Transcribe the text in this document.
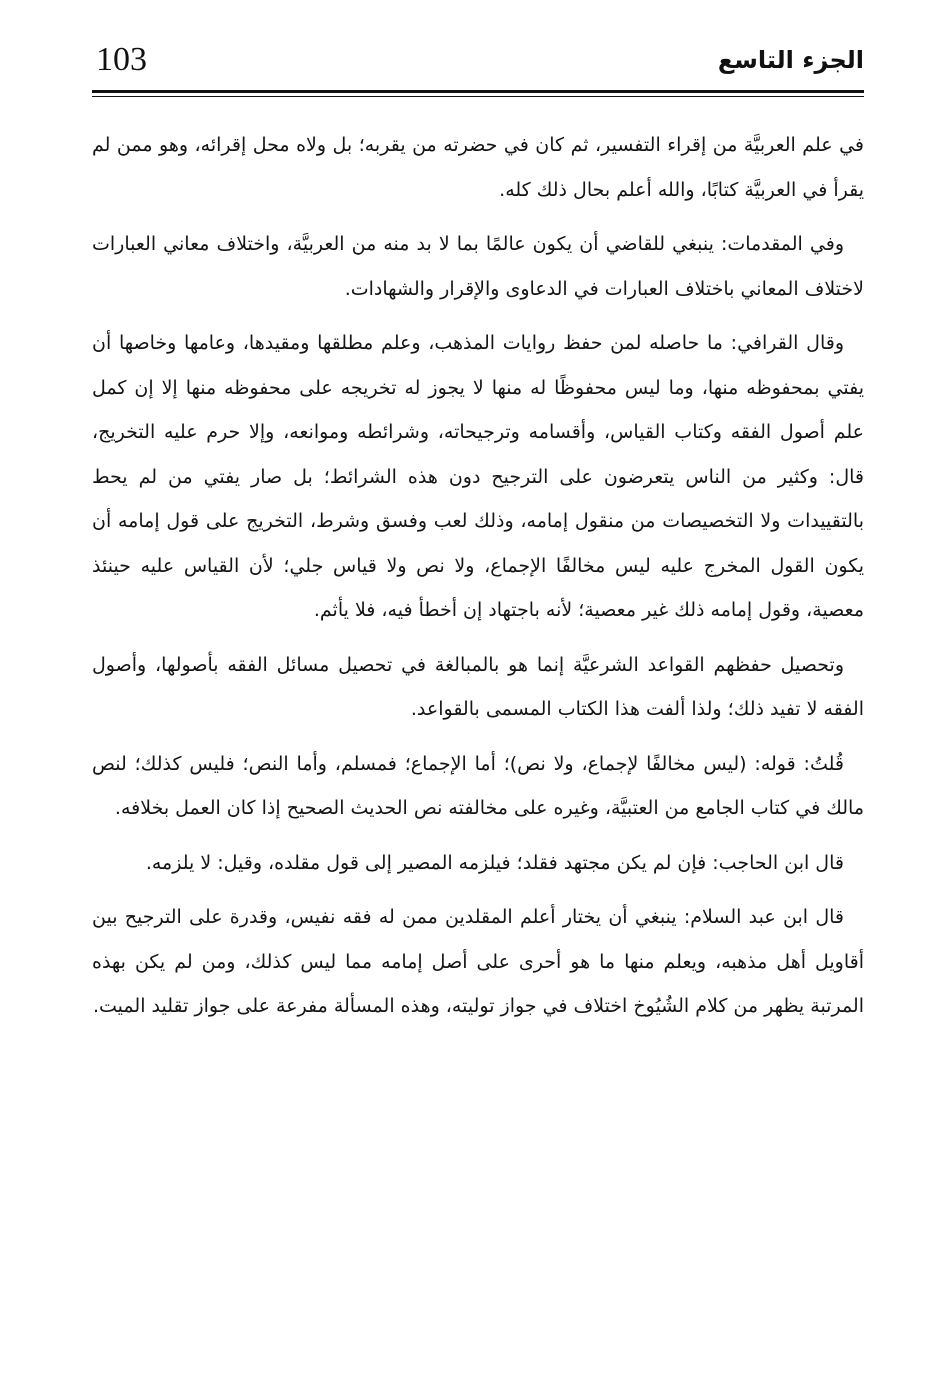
103	الجزء التاسع

في علم العربيَّة من إقراء التفسير، ثم كان في حضرته من يقربه؛ بل ولاه محل إقرائه، وهو ممن لم يقرأ في العربيَّة كتابًا، والله أعلم بحال ذلك كله.

وفي المقدمات: ينبغي للقاضي أن يكون عالمًا بما لا بد منه من العربيَّة، واختلاف معاني العبارات لاختلاف المعاني باختلاف العبارات في الدعاوى والإقرار والشهادات.

وقال القرافي: ما حاصله لمن حفظ روايات المذهب، وعلم مطلقها ومقيدها، وعامها وخاصها أن يفتي بمحفوظه منها، وما ليس محفوظًا له منها لا يجوز له تخريجه على محفوظه منها إلا إن كمل علم أصول الفقه وكتاب القياس، وأقسامه وترجيحاته، وشرائطه وموانعه، وإلا حرم عليه التخريج، قال: وكثير من الناس يتعرضون على الترجيح دون هذه الشرائط؛ بل صار يفتي من لم يحط بالتقييدات ولا التخصيصات من منقول إمامه، وذلك لعب وفسق وشرط، التخريج على قول إمامه أن يكون القول المخرج عليه ليس مخالفًا الإجماع، ولا نص ولا قياس جلي؛ لأن القياس عليه حينئذ معصية، وقول إمامه ذلك غير معصية؛ لأنه باجتهاد إن أخطأ فيه، فلا يأثم.

وتحصيل حفظهم القواعد الشرعيَّة إنما هو بالمبالغة في تحصيل مسائل الفقه بأصولها، وأصول الفقه لا تفيد ذلك؛ ولذا ألفت هذا الكتاب المسمى بالقواعد.

قُلتُ: قوله: (ليس مخالفًا لإجماع، ولا نص)؛ أما الإجماع؛ فمسلم، وأما النص؛ فليس كذلك؛ لنص مالك في كتاب الجامع من العتبيَّة، وغيره على مخالفته نص الحديث الصحيح إذا كان العمل بخلافه.

قال ابن الحاجب: فإن لم يكن مجتهد فقلد؛ فيلزمه المصير إلى قول مقلده، وقيل: لا يلزمه.

قال ابن عبد السلام: ينبغي أن يختار أعلم المقلدين ممن له فقه نفيس، وقدرة على الترجيح بين أقاويل أهل مذهبه، ويعلم منها ما هو أحرى على أصل إمامه مما ليس كذلك، ومن لم يكن بهذه المرتبة يظهر من كلام الشُيُوخ اختلاف في جواز توليته، وهذه المسألة مفرعة على جواز تقليد الميت.
